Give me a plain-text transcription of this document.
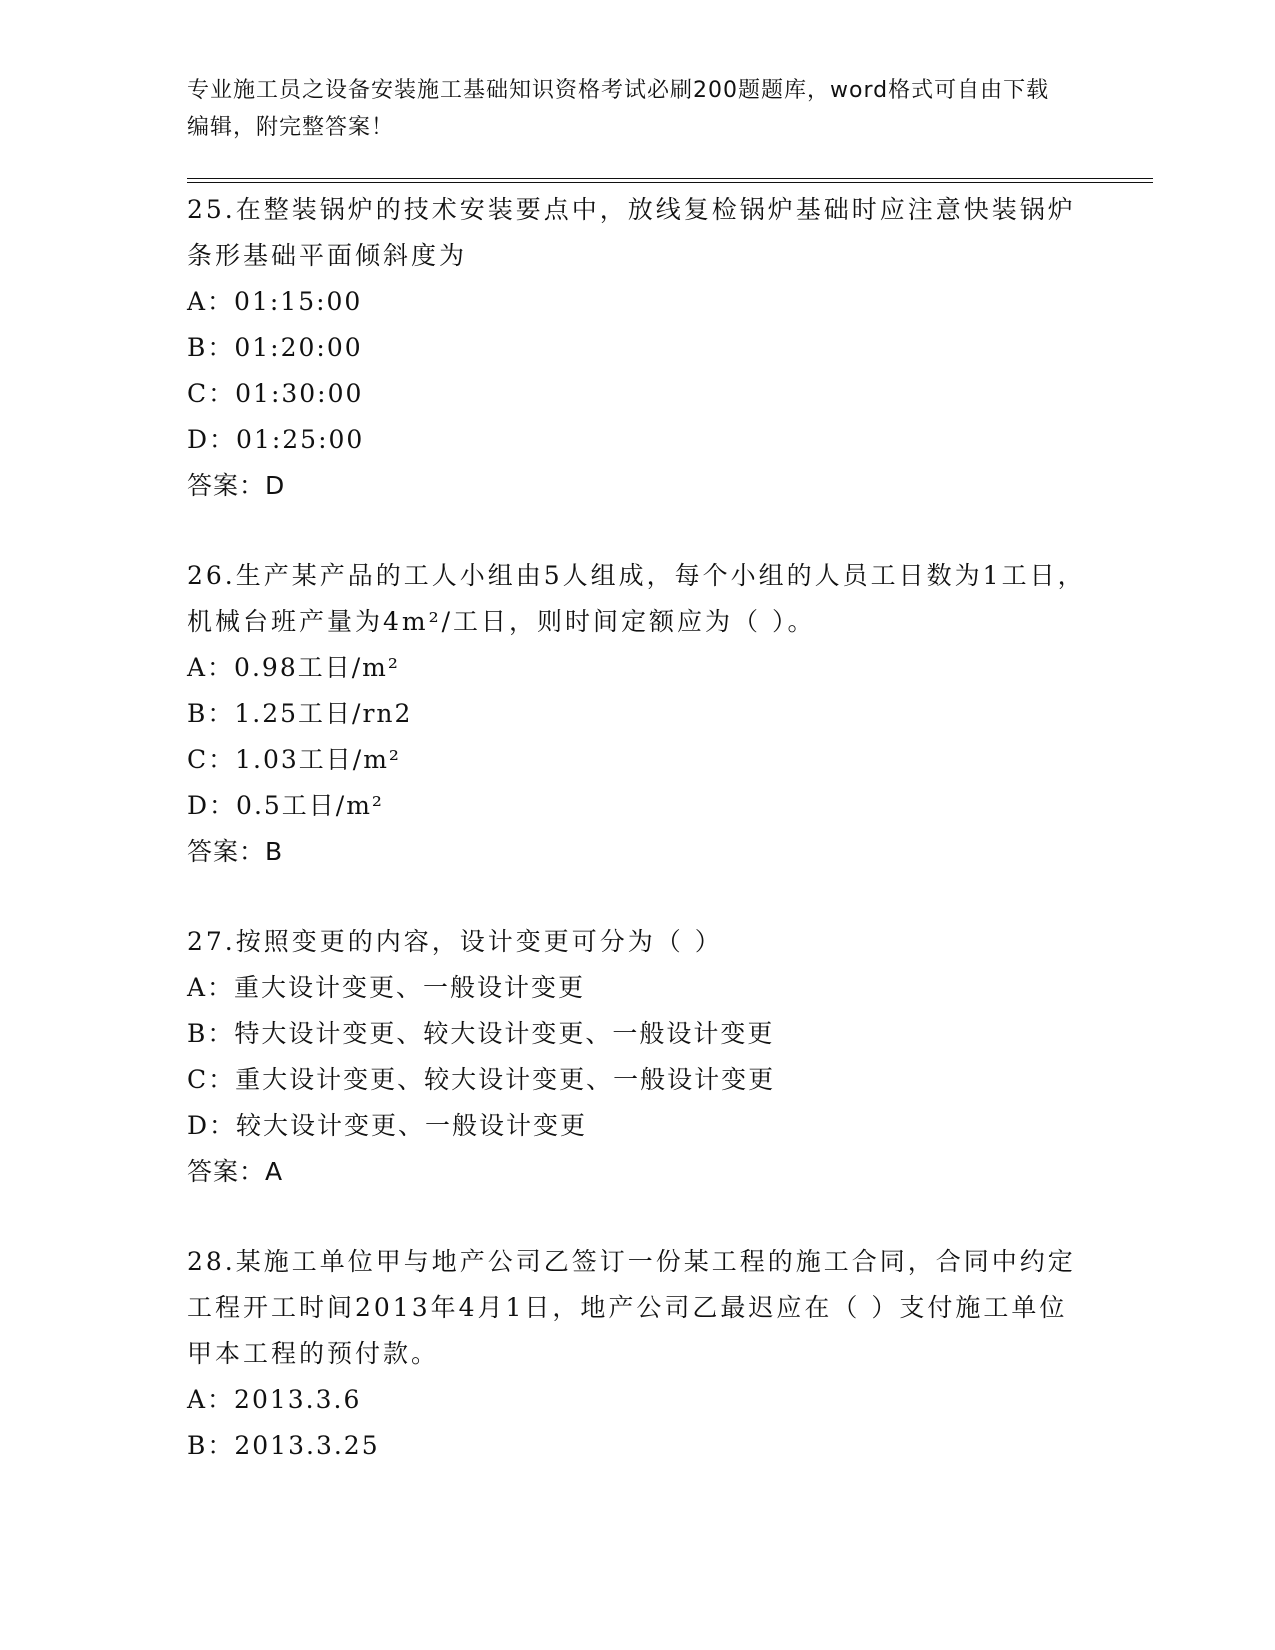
专业施工员之设备安装施工基础知识资格考试必刷200题题库，word格式可自由下载编辑，附完整答案！

25.在整装锅炉的技术安装要点中，放线复检锅炉基础时应注意快装锅炉条形基础平面倾斜度为

A：01:15:00

B：01:20:00

C：01:30:00

D：01:25:00

答案：D

26.生产某产品的工人小组由5人组成，每个小组的人员工日数为1工日，机械台班产量为4m²/工日，则时间定额应为（ ）。

A：0.98工日/m²

B：1.25工日/rn2

C：1.03工日/m²

D：0.5工日/m²

答案：B

27.按照变更的内容，设计变更可分为（ ）

A：重大设计变更、一般设计变更

B：特大设计变更、较大设计变更、一般设计变更

C：重大设计变更、较大设计变更、一般设计变更

D：较大设计变更、一般设计变更

答案：A

28.某施工单位甲与地产公司乙签订一份某工程的施工合同，合同中约定工程开工时间2013年4月1日，地产公司乙最迟应在（ ）支付施工单位甲本工程的预付款。

A：2013.3.6

B：2013.3.25
